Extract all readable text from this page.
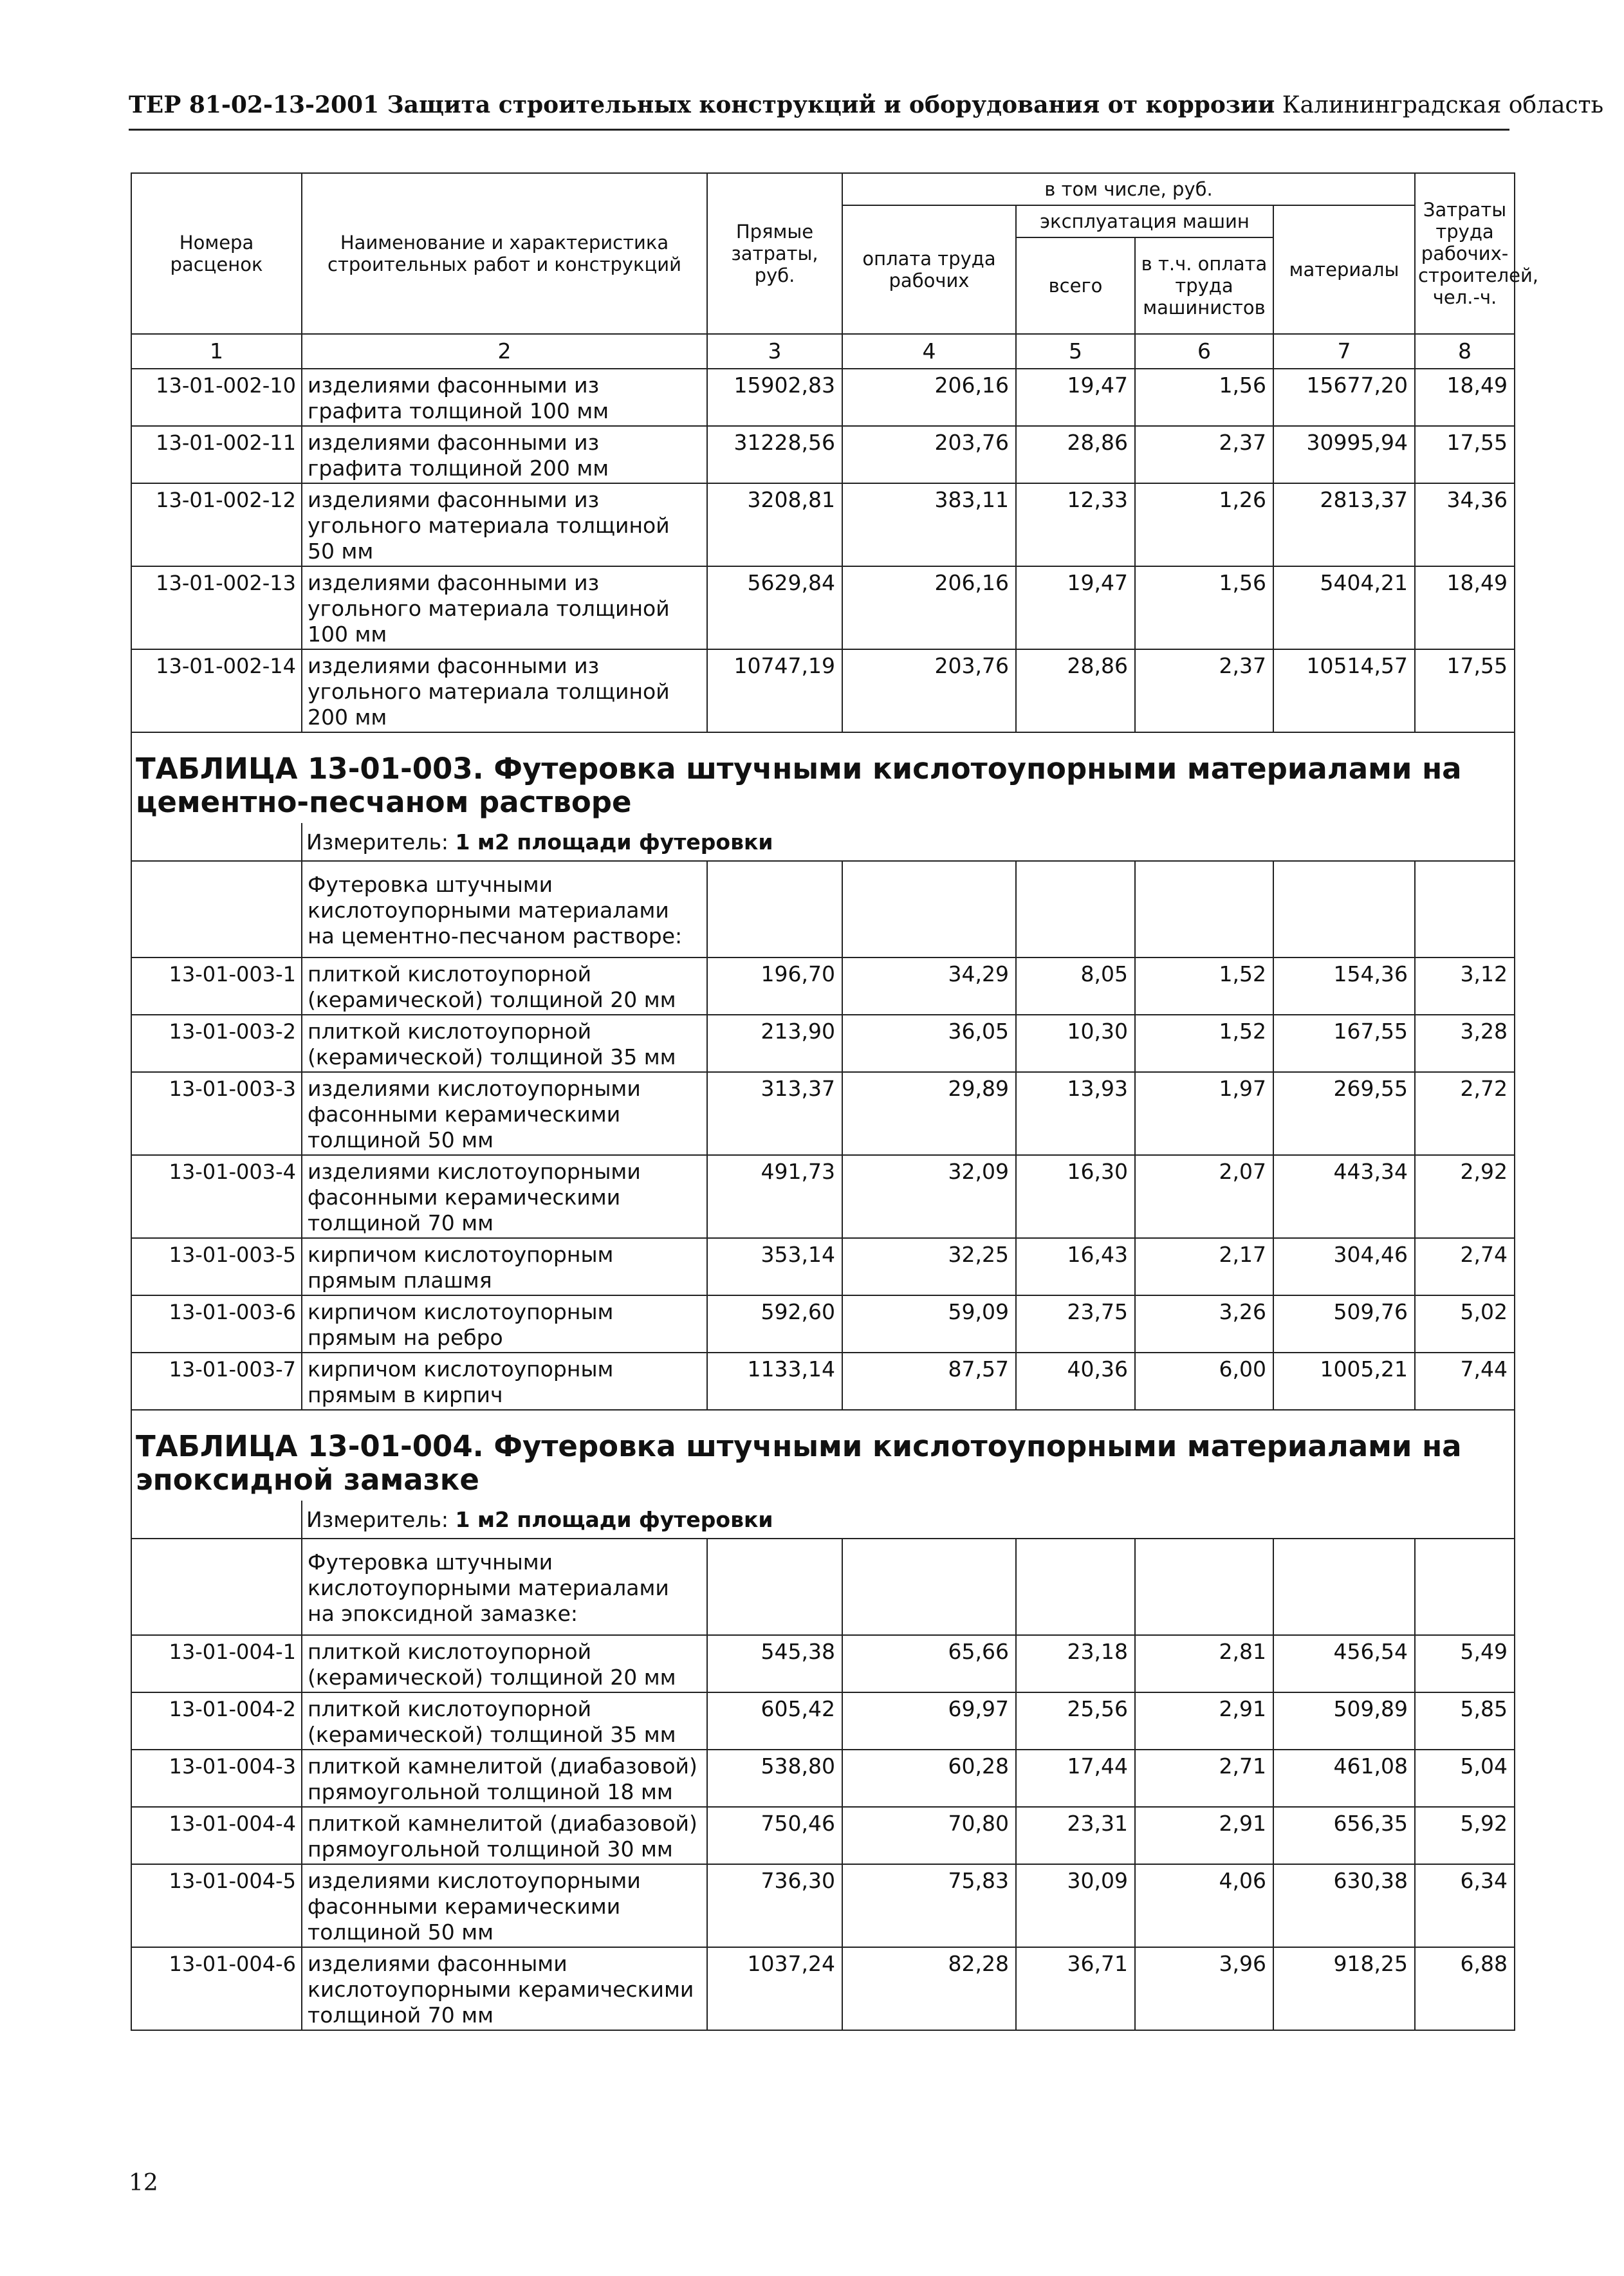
ТЕР 81-02-13-2001 Защита строительных конструкций и оборудования от коррозии Калининградская область
Номера расценок	Наименование и характеристика строительных работ и конструкций	Прямые затраты, руб.	в том числе, руб.				Затраты труда рабочих-строителей, чел.-ч.
			оплата труда рабочих	эксплуатация машин		материалы	
				всего	в т.ч. оплата труда машинистов		
1	2	3	4	5	6	7	8
13-01-002-10	изделиями фасонными из графита толщиной 100 мм	15902,83	206,16	19,47	1,56	15677,20	18,49
13-01-002-11	изделиями фасонными из графита толщиной 200 мм	31228,56	203,76	28,86	2,37	30995,94	17,55
13-01-002-12	изделиями фасонными из угольного материала толщиной 50 мм	3208,81	383,11	12,33	1,26	2813,37	34,36
13-01-002-13	изделиями фасонными из угольного материала толщиной 100 мм	5629,84	206,16	19,47	1,56	5404,21	18,49
13-01-002-14	изделиями фасонными из угольного материала толщиной 200 мм	10747,19	203,76	28,86	2,37	10514,57	17,55

ТАБЛИЦА 13-01-003. Футеровка штучными кислотоупорными материалами на цементно-песчаном растворе							

	Измеритель: 1 м2 площади футеровки						
	Футеровка штучными кислотоупорными материалами на цементно-песчаном растворе:						
13-01-003-1	плиткой кислотоупорной (керамической) толщиной 20 мм	196,70	34,29	8,05	1,52	154,36	3,12
13-01-003-2	плиткой кислотоупорной (керамической) толщиной 35 мм	213,90	36,05	10,30	1,52	167,55	3,28
13-01-003-3	изделиями кислотоупорными фасонными керамическими толщиной 50 мм	313,37	29,89	13,93	1,97	269,55	2,72
13-01-003-4	изделиями кислотоупорными фасонными керамическими толщиной 70 мм	491,73	32,09	16,30	2,07	443,34	2,92
13-01-003-5	кирпичом кислотоупорным прямым плашмя	353,14	32,25	16,43	2,17	304,46	2,74
13-01-003-6	кирпичом кислотоупорным прямым на ребро	592,60	59,09	23,75	3,26	509,76	5,02
13-01-003-7	кирпичом кислотоупорным прямым в кирпич	1133,14	87,57	40,36	6,00	1005,21	7,44

ТАБЛИЦА 13-01-004. Футеровка штучными кислотоупорными материалами на эпоксидной замазке							

	Измеритель: 1 м2 площади футеровки						
	Футеровка штучными кислотоупорными материалами на эпоксидной замазке:						
13-01-004-1	плиткой кислотоупорной (керамической) толщиной 20 мм	545,38	65,66	23,18	2,81	456,54	5,49
13-01-004-2	плиткой кислотоупорной (керамической) толщиной 35 мм	605,42	69,97	25,56	2,91	509,89	5,85
13-01-004-3	плиткой камнелитой (диабазовой) прямоугольной толщиной 18 мм	538,80	60,28	17,44	2,71	461,08	5,04
13-01-004-4	плиткой камнелитой (диабазовой) прямоугольной толщиной 30 мм	750,46	70,80	23,31	2,91	656,35	5,92
13-01-004-5	изделиями кислотоупорными фасонными керамическими толщиной 50 мм	736,30	75,83	30,09	4,06	630,38	6,34
13-01-004-6	изделиями фасонными кислотоупорными керамическими толщиной 70 мм	1037,24	82,28	36,71	3,96	918,25	6,88
12
